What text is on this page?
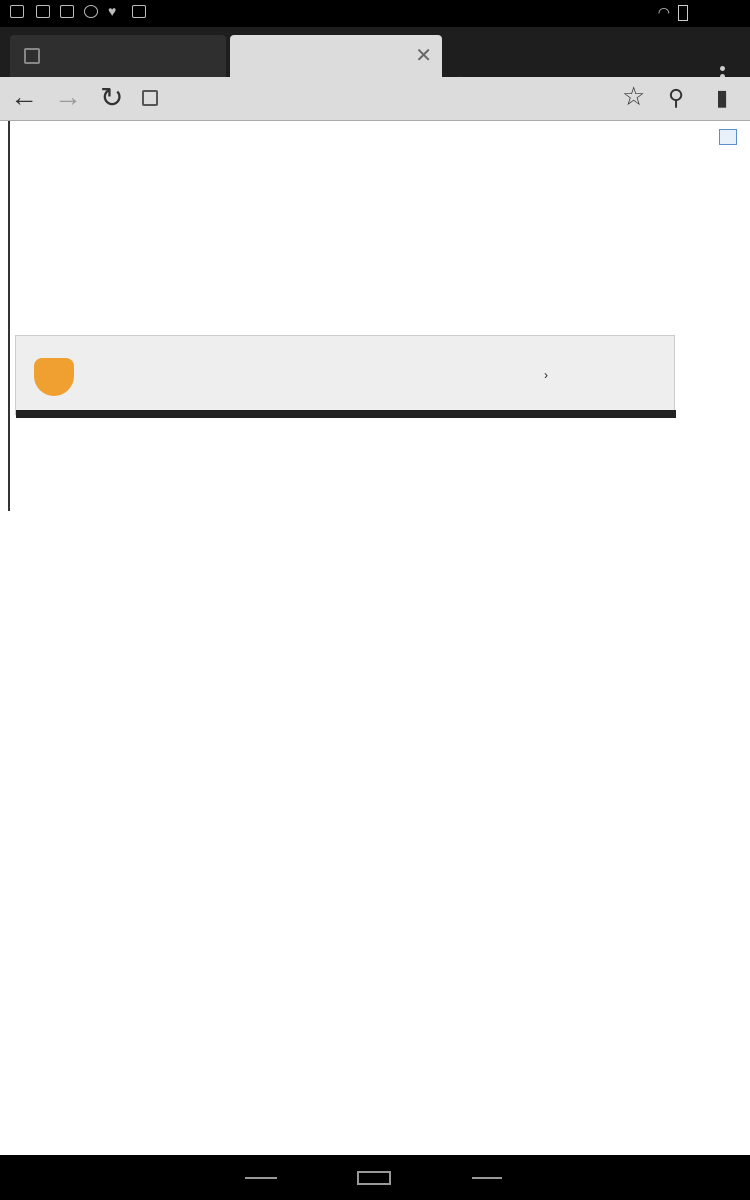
♥	◠
✕
← → ↻	☆ ⚲ ▮
›
